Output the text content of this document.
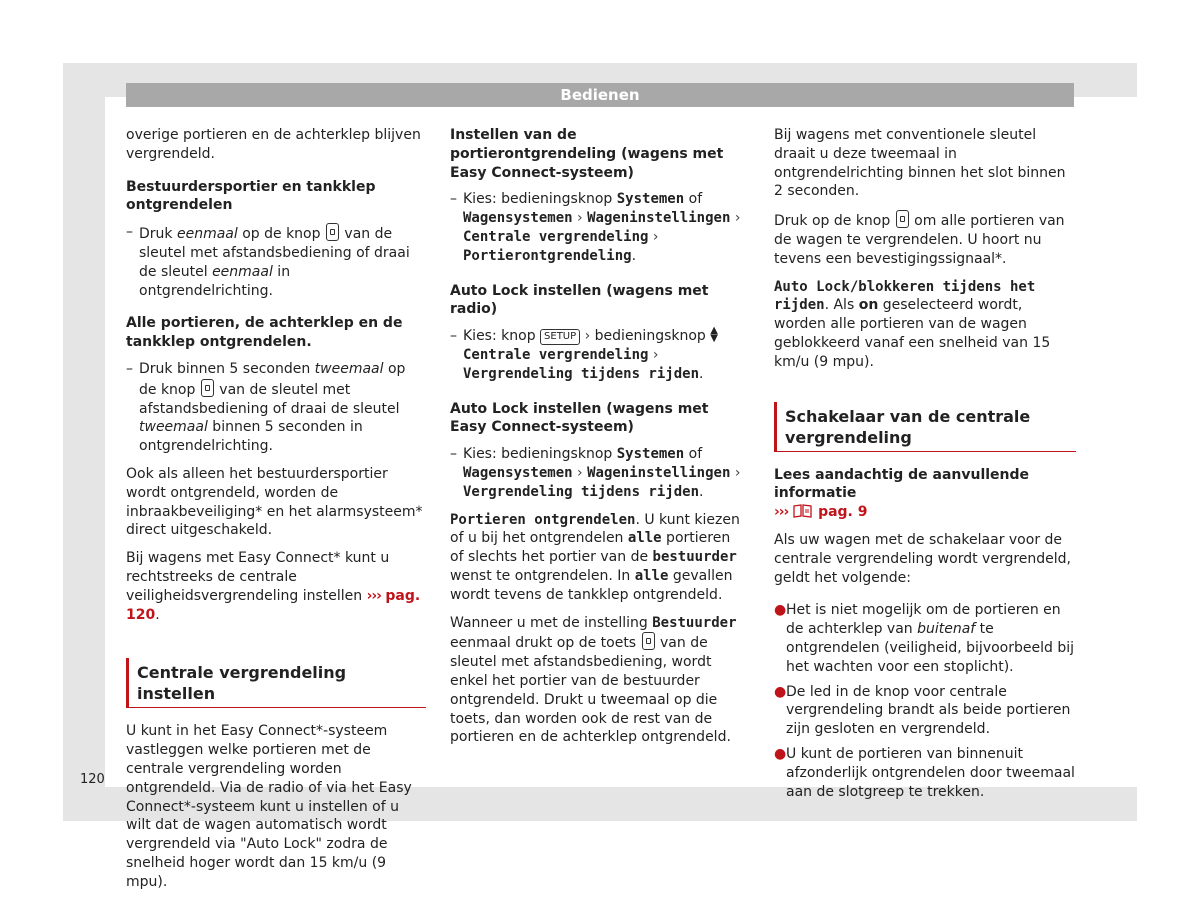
Bedienen
120

overige portieren en de achterklep blijven vergrendeld.

Bestuurdersportier en tankklep ontgrendelen

– Druk eenmaal op de knop  van de sleutel met afstandsbediening of draai de sleutel eenmaal in ontgrendelrichting.

Alle portieren, de achterklep en de tankklep ontgrendelen.

– Druk binnen 5 seconden tweemaal op de knop  van de sleutel met afstandsbediening of draai de sleutel tweemaal binnen 5 seconden in ontgrendelrichting.

Ook als alleen het bestuurdersportier wordt ontgrendeld, worden de inbraakbeveiliging* en het alarmsysteem* direct uitgeschakeld.

Bij wagens met Easy Connect* kunt u rechtstreeks de centrale veiligheidsvergrendeling instellen ››› pag. 120.

Centrale vergrendeling instellen

U kunt in het Easy Connect*-systeem vastleggen welke portieren met de centrale vergrendeling worden ontgrendeld. Via de radio of via het Easy Connect*-systeem kunt u instellen of u wilt dat de wagen automatisch wordt vergrendeld via "Auto Lock" zodra de snelheid hoger wordt dan 15 km/u (9 mpu).

Instellen van de portierontgrendeling (wagens met Easy Connect-systeem)

– Kies: bedieningsknop Systemen of Wagensystemen › Wageninstellingen › Centrale vergrendeling › Portierontgrendeling.

Auto Lock instellen (wagens met radio)

– Kies: knop SETUP › bedieningsknop ▲
▼ Centrale vergrendeling › Vergrendeling tijdens rijden.

Auto Lock instellen (wagens met Easy Connect-systeem)

– Kies: bedieningsknop Systemen of Wagensystemen › Wageninstellingen › Vergrendeling tijdens rijden.

Portieren ontgrendelen. U kunt kiezen of u bij het ontgrendelen alle portieren of slechts het portier van de bestuurder wenst te ontgrendelen. In alle gevallen wordt tevens de tankklep ontgrendeld.

Wanneer u met de instelling Bestuurder eenmaal drukt op de toets  van de sleutel met afstandsbediening, wordt enkel het portier van de bestuurder ontgrendeld. Drukt u tweemaal op die toets, dan worden ook de rest van de portieren en de achterklep ontgrendeld.

Bij wagens met conventionele sleutel draait u deze tweemaal in ontgrendelrichting binnen het slot binnen 2 seconden.

Druk op de knop  om alle portieren van de wagen te vergrendelen. U hoort nu tevens een bevestigingssignaal*.

Auto Lock/blokkeren tijdens het rijden. Als on geselecteerd wordt, worden alle portieren van de wagen geblokkeerd vanaf een snelheid van 15 km/u (9 mpu).

Schakelaar van de centrale vergrendeling

Lees aandachtig de aanvullende informatie
››› pag. 9

Als uw wagen met de schakelaar voor de centrale vergrendeling wordt vergrendeld, geldt het volgende:

● Het is niet mogelijk om de portieren en de achterklep van buitenaf te ontgrendelen (veiligheid, bijvoorbeeld bij het wachten voor een stoplicht).
● De led in de knop voor centrale vergrendeling brandt als beide portieren zijn gesloten en vergrendeld.
● U kunt de portieren van binnenuit afzonderlijk ontgrendelen door tweemaal aan de slotgreep te trekken.
